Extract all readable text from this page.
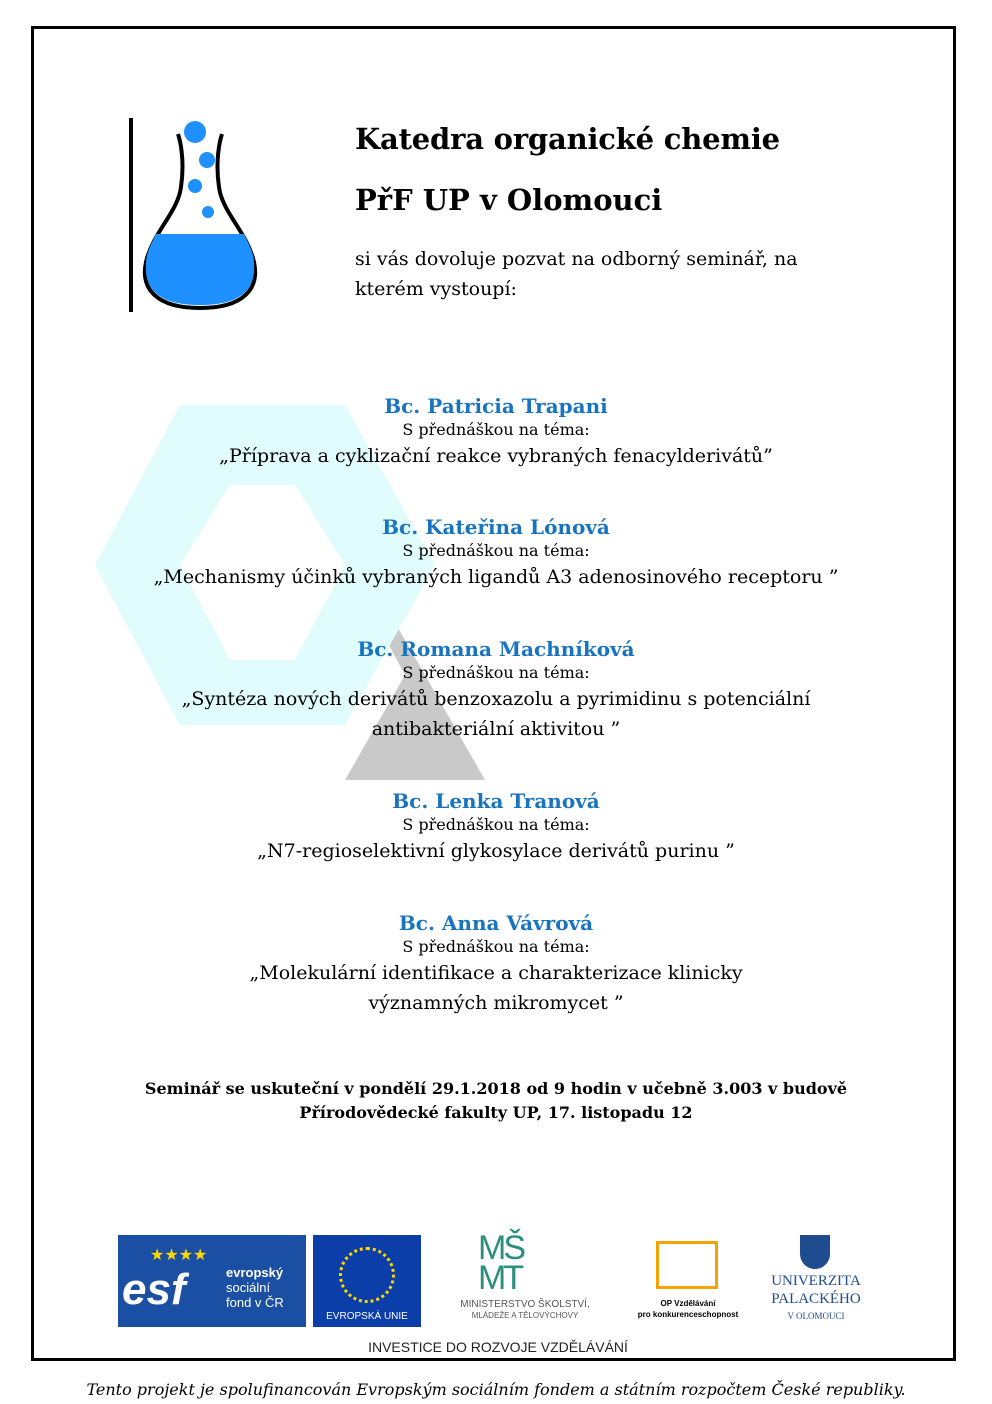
Katedra organické chemie
PřF UP v Olomouci
si vás dovoluje pozvat na odborný seminář, na kterém vystoupí:
Bc. Patricia Trapani
S přednáškou na téma:
„Příprava a cyklizační reakce vybraných fenacylderivátů”
Bc. Kateřina Lónová
S přednáškou na téma:
„Mechanismy účinků vybraných ligandů A3 adenosinového receptoru ”
Bc. Romana Machníková
S přednáškou na téma:
„Syntéza nových derivátů benzoxazolu a pyrimidinu s potenciální antibakteriální aktivitou ”
Bc. Lenka Tranová
S přednáškou na téma:
„N7-regioselektivní glykosylace derivátů purinu ”
Bc. Anna Vávrová
S přednáškou na téma:
„Molekulární identifikace a charakterizace klinicky významných mikromycet ”
Seminář se uskuteční v pondělí 29.1.2018 od 9 hodin v učebně 3.003 v budově Přírodovědecké fakulty UP, 17. listopadu 12
★★★★
esf	evropský
sociální
fond v ČR
EVROPSKÁ UNIE
MŠ
MT
MINISTERSTVO ŠKOLSTVÍ,
MLÁDEŽE A TĚLOVÝCHOVY
OP Vzdělávání
pro konkurenceschopnost
UNIVERZITA
PALACKÉHO
V OLOMOUCI
INVESTICE DO ROZVOJE VZDĚLÁVÁNÍ
Tento projekt je spolufinancován Evropským sociálním fondem a státním rozpočtem České republiky.
